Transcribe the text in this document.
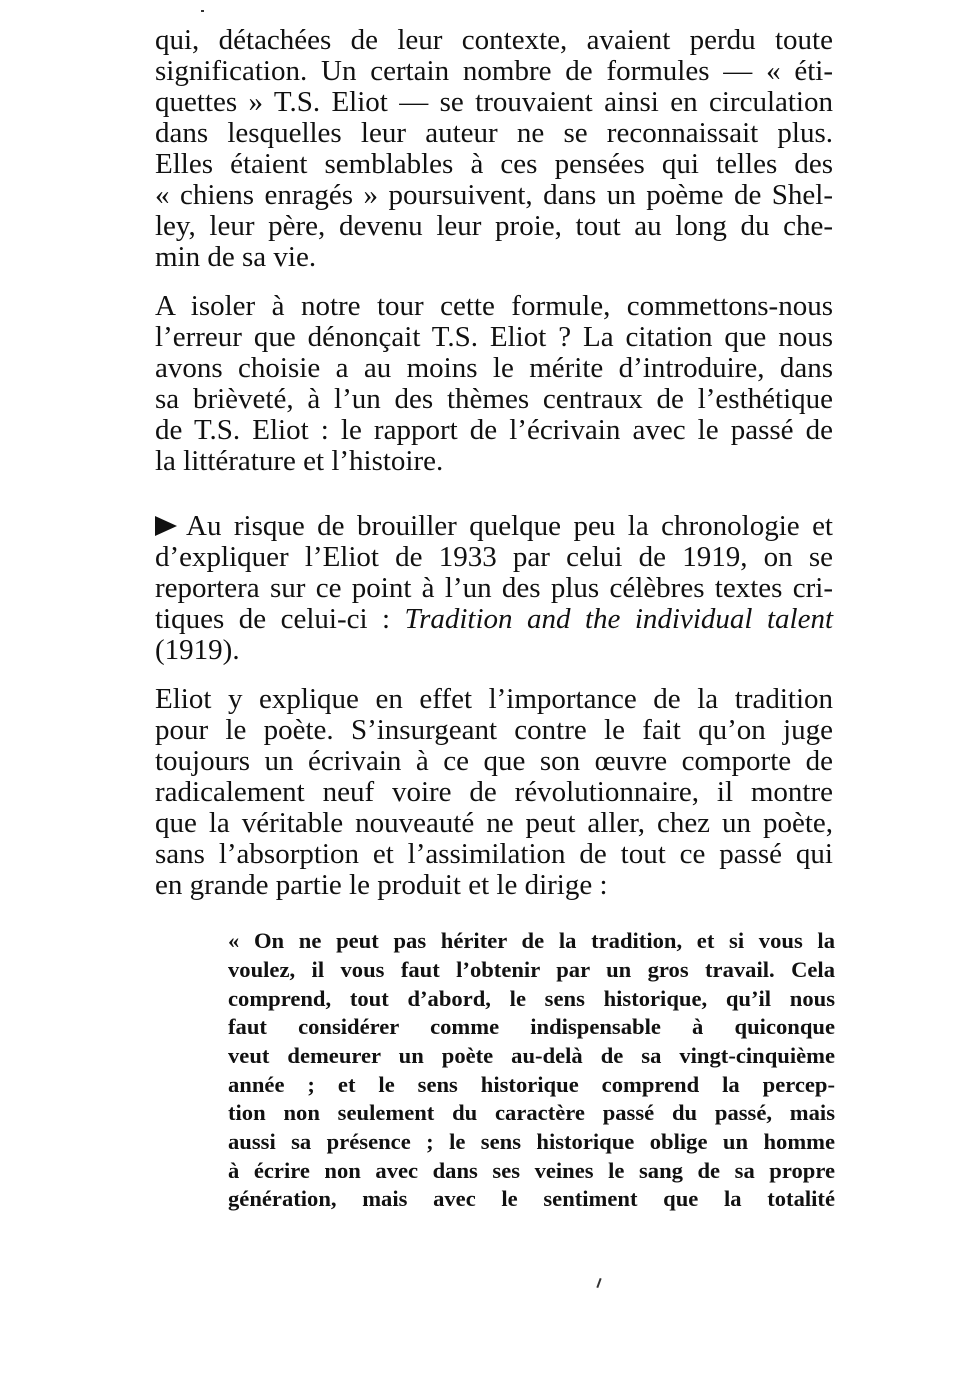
qui, détachées de leur contexte, avaient perdu toute

signification. Un certain nombre de formules — « éti-

quettes » T.S. Eliot — se trouvaient ainsi en circulation

dans lesquelles leur auteur ne se reconnaissait plus.

Elles étaient semblables à ces pensées qui telles des

« chiens enragés » poursuivent, dans un poème de Shel-

ley, leur père, devenu leur proie, tout au long du che-

min de sa vie.

A isoler à notre tour cette formule, commettons-nous

l’erreur que dénonçait T.S. Eliot ? La citation que nous

avons choisie a au moins le mérite d’introduire, dans

sa brièveté, à l’un des thèmes centraux de l’esthétique

de T.S. Eliot : le rapport de l’écrivain avec le passé de

la littérature et l’histoire.

Au risque de brouiller quelque peu la chronologie et

d’expliquer l’Eliot de 1933 par celui de 1919, on se

reportera sur ce point à l’un des plus célèbres textes cri-

tiques de celui-ci : Tradition and the individual talent

(1919).

Eliot y explique en effet l’importance de la tradition

pour le poète. S’insurgeant contre le fait qu’on juge

toujours un écrivain à ce que son œuvre comporte de

radicalement neuf voire de révolutionnaire, il montre

que la véritable nouveauté ne peut aller, chez un poète,

sans l’absorption et l’assimilation de tout ce passé qui

en grande partie le produit et le dirige :

« On ne peut pas hériter de la tradition, et si vous la

voulez, il vous faut l’obtenir par un gros travail. Cela

comprend, tout d’abord, le sens historique, qu’il nous

faut considérer comme indispensable à quiconque

veut demeurer un poète au-delà de sa vingt-cinquième

année ; et le sens historique comprend la percep-

tion non seulement du caractère passé du passé, mais

aussi sa présence ; le sens historique oblige un homme

à écrire non avec dans ses veines le sang de sa propre

génération, mais avec le sentiment que la totalité
